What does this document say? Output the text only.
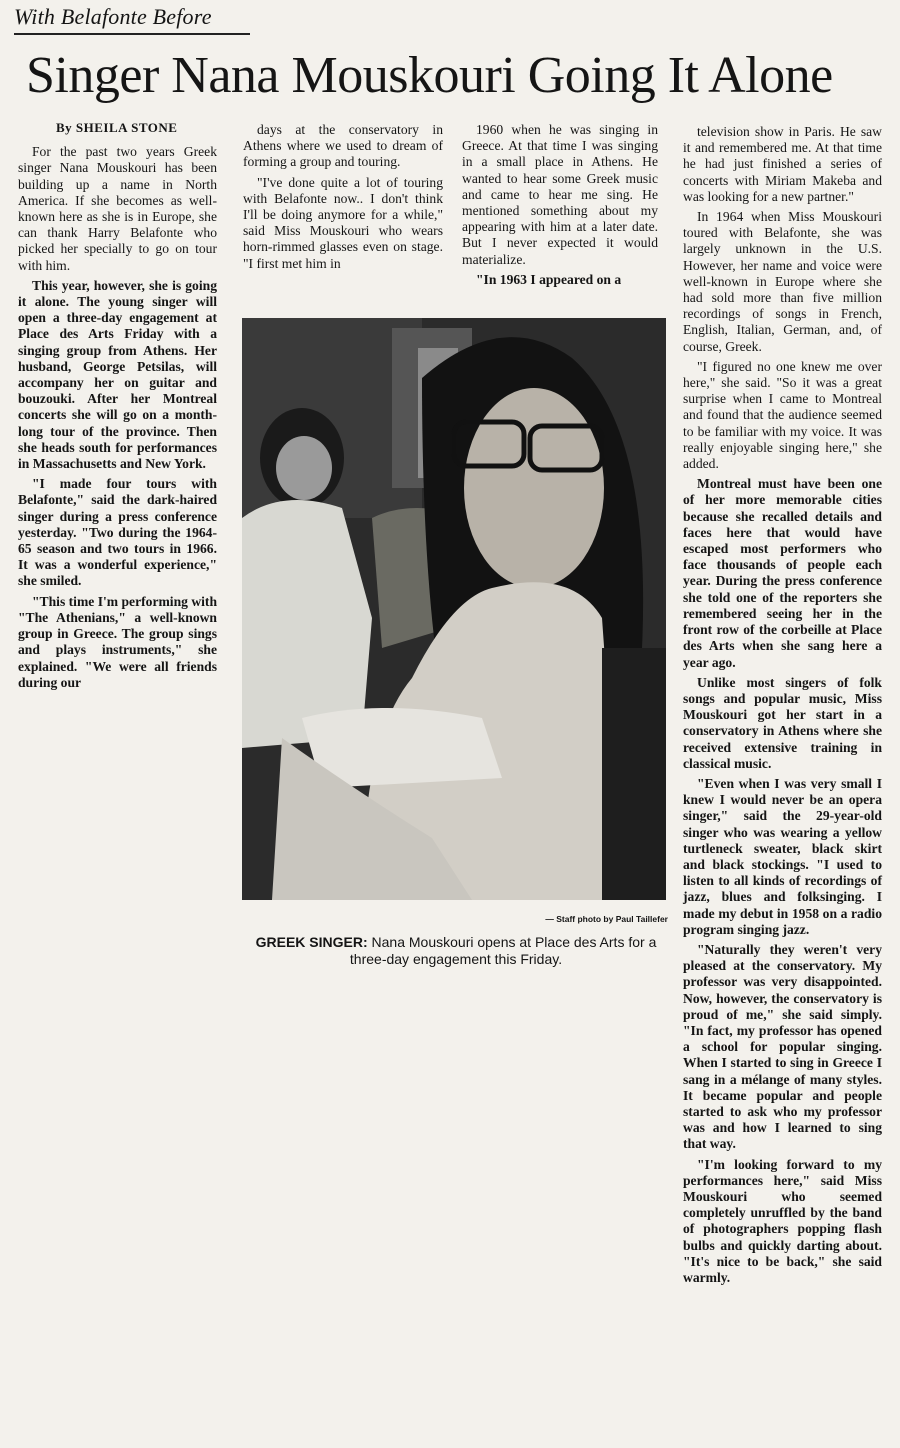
With Belafonte Before
Singer Nana Mouskouri Going It Alone
By SHEILA STONE

For the past two years Greek singer Nana Mouskouri has been building up a name in North America. If she becomes as well-known here as she is in Europe, she can thank Harry Belafonte who picked her specially to go on tour with him.

This year, however, she is going it alone. The young singer will open a three-day engagement at Place des Arts Friday with a singing group from Athens. Her husband, George Petsilas, will accompany her on guitar and bouzouki. After her Montreal concerts she will go on a month-long tour of the province. Then she heads south for performances in Massachusetts and New York.

"I made four tours with Belafonte," said the dark-haired singer during a press conference yesterday. "Two during the 1964-65 season and two tours in 1966. It was a wonderful experience," she smiled.

"This time I'm performing with "The Athenians," a well-known group in Greece. The group sings and plays instruments," she explained. "We were all friends during our

days at the conservatory in Athens where we used to dream of forming a group and touring.

"I've done quite a lot of touring with Belafonte now.. I don't think I'll be doing anymore for a while," said Miss Mouskouri who wears horn-rimmed glasses even on stage. "I first met him in

1960 when he was singing in Greece. At that time I was singing in a small place in Athens. He wanted to hear some Greek music and came to hear me sing. He mentioned something about my appearing with him at a later date. But I never expected it would materialize.

"In 1963 I appeared on a

television show in Paris. He saw it and remembered me. At that time he had just finished a series of concerts with Miriam Makeba and was looking for a new partner."

In 1964 when Miss Mouskouri toured with Belafonte, she was largely unknown in the U.S. However, her name and voice were well-known in Europe where she had sold more than five million recordings of songs in French, English, Italian, German, and, of course, Greek.

"I figured no one knew me over here," she said. "So it was a great surprise when I came to Montreal and found that the audience seemed to be familiar with my voice. It was really enjoyable singing here," she added.

Montreal must have been one of her more memorable cities because she recalled details and faces here that would have escaped most performers who face thousands of people each year. During the press conference she told one of the reporters she remembered seeing her in the front row of the corbeille at Place des Arts when she sang here a year ago.

Unlike most singers of folk songs and popular music, Miss Mouskouri got her start in a conservatory in Athens where she received extensive training in classical music.

"Even when I was very small I knew I would never be an opera singer," said the 29-year-old singer who was wearing a yellow turtleneck sweater, black skirt and black stockings. "I used to listen to all kinds of recordings of jazz, blues and folksinging. I made my debut in 1958 on a radio program singing jazz.

"Naturally they weren't very pleased at the conservatory. My professor was very disappointed. Now, however, the conservatory is proud of me," she said simply. "In fact, my professor has opened a school for popular singing. When I started to sing in Greece I sang in a mélange of many styles. It became popular and people started to ask who my professor was and how I learned to sing that way.

"I'm looking forward to my performances here," said Miss Mouskouri who seemed completely unruffled by the band of photographers popping flash bulbs and quickly darting about. "It's nice to be back," she said warmly.

— Staff photo by Paul Taillefer
GREEK SINGER: Nana Mouskouri opens at Place des Arts for a three-day engagement this Friday.
